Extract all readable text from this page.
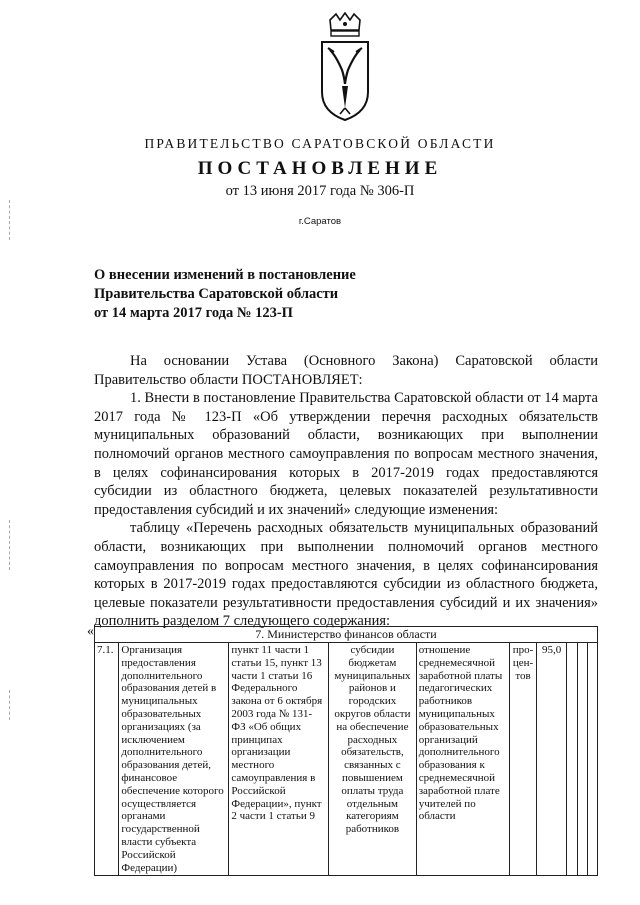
ПРАВИТЕЛЬСТВО САРАТОВСКОЙ ОБЛАСТИ
ПОСТАНОВЛЕНИЕ
от 13 июня 2017 года № 306-П
г.Саратов
О внесении изменений в постановление
Правительства Саратовской области
от 14 марта 2017 года № 123-П

На основании Устава (Основного Закона) Саратовской области Правительство области ПОСТАНОВЛЯЕТ:

1. Внести в постановление Правительства Саратовской области от 14 марта 2017 года № 123-П «Об утверждении перечня расходных обязательств муниципальных образований области, возникающих при выполнении полномочий органов местного самоуправления по вопросам местного значения, в целях софинансирования которых в 2017-2019 годах предоставляются субсидии из областного бюджета, целевых показателей результативности предоставления субсидий и их значений» следующие изменения:

таблицу «Перечень расходных обязательств муниципальных образований области, возникающих при выполнении полномочий органов местного самоуправления по вопросам местного значения, в целях софинансирования которых в 2017-2019 годах предоставляются субсидии из областного бюджета, целевые показатели результативности предоставления субсидий и их значения» дополнить разделом 7 следующего содержания:

«	7. Министерство финансов области
7.1.	Организация предоставления дополнительного образования детей в муниципальных образовательных организациях (за исключением дополнительного образования детей, финансовое обеспечение которого осуществляется органами государственной власти субъекта Российской Федерации)	пункт 11 части 1 статьи 15, пункт 13 части 1 статьи 16 Федерального закона от 6 октября 2003 года № 131-ФЗ «Об общих принципах организации местного самоуправления в Российской Федерации», пункт 2 части 1 статьи 9	субсидии бюджетам муниципальных районов и городских округов области на обеспечение расходных обязательств, связанных с повышением оплаты труда отдельным категориям работников	отношение среднемесячной заработной платы педагогических работников муниципальных образовательных организаций дополнительного образования к среднемесячной заработной плате учителей по области	про-цен-тов	95,0			
